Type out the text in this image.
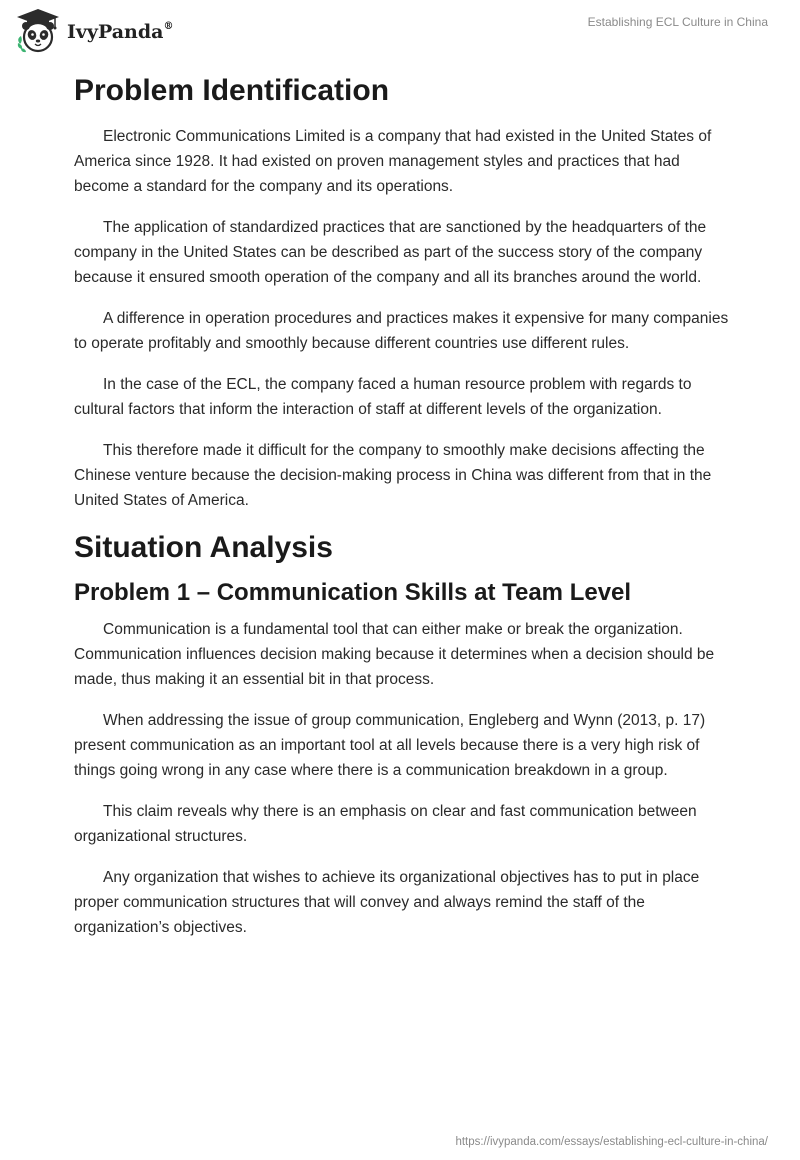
IvyPanda®	Establishing ECL Culture in China
Problem Identification

Electronic Communications Limited is a company that had existed in the United States of America since 1928. It had existed on proven management styles and practices that had become a standard for the company and its operations.

The application of standardized practices that are sanctioned by the headquarters of the company in the United States can be described as part of the success story of the company because it ensured smooth operation of the company and all its branches around the world.

A difference in operation procedures and practices makes it expensive for many companies to operate profitably and smoothly because different countries use different rules.

In the case of the ECL, the company faced a human resource problem with regards to cultural factors that inform the interaction of staff at different levels of the organization.

This therefore made it difficult for the company to smoothly make decisions affecting the Chinese venture because the decision-making process in China was different from that in the United States of America.

Situation Analysis
Problem 1 – Communication Skills at Team Level

Communication is a fundamental tool that can either make or break the organization. Communication influences decision making because it determines when a decision should be made, thus making it an essential bit in that process.

When addressing the issue of group communication, Engleberg and Wynn (2013, p. 17) present communication as an important tool at all levels because there is a very high risk of things going wrong in any case where there is a communication breakdown in a group.

This claim reveals why there is an emphasis on clear and fast communication between organizational structures.

Any organization that wishes to achieve its organizational objectives has to put in place proper communication structures that will convey and always remind the staff of the organization’s objectives.

https://ivypanda.com/essays/establishing-ecl-culture-in-china/
